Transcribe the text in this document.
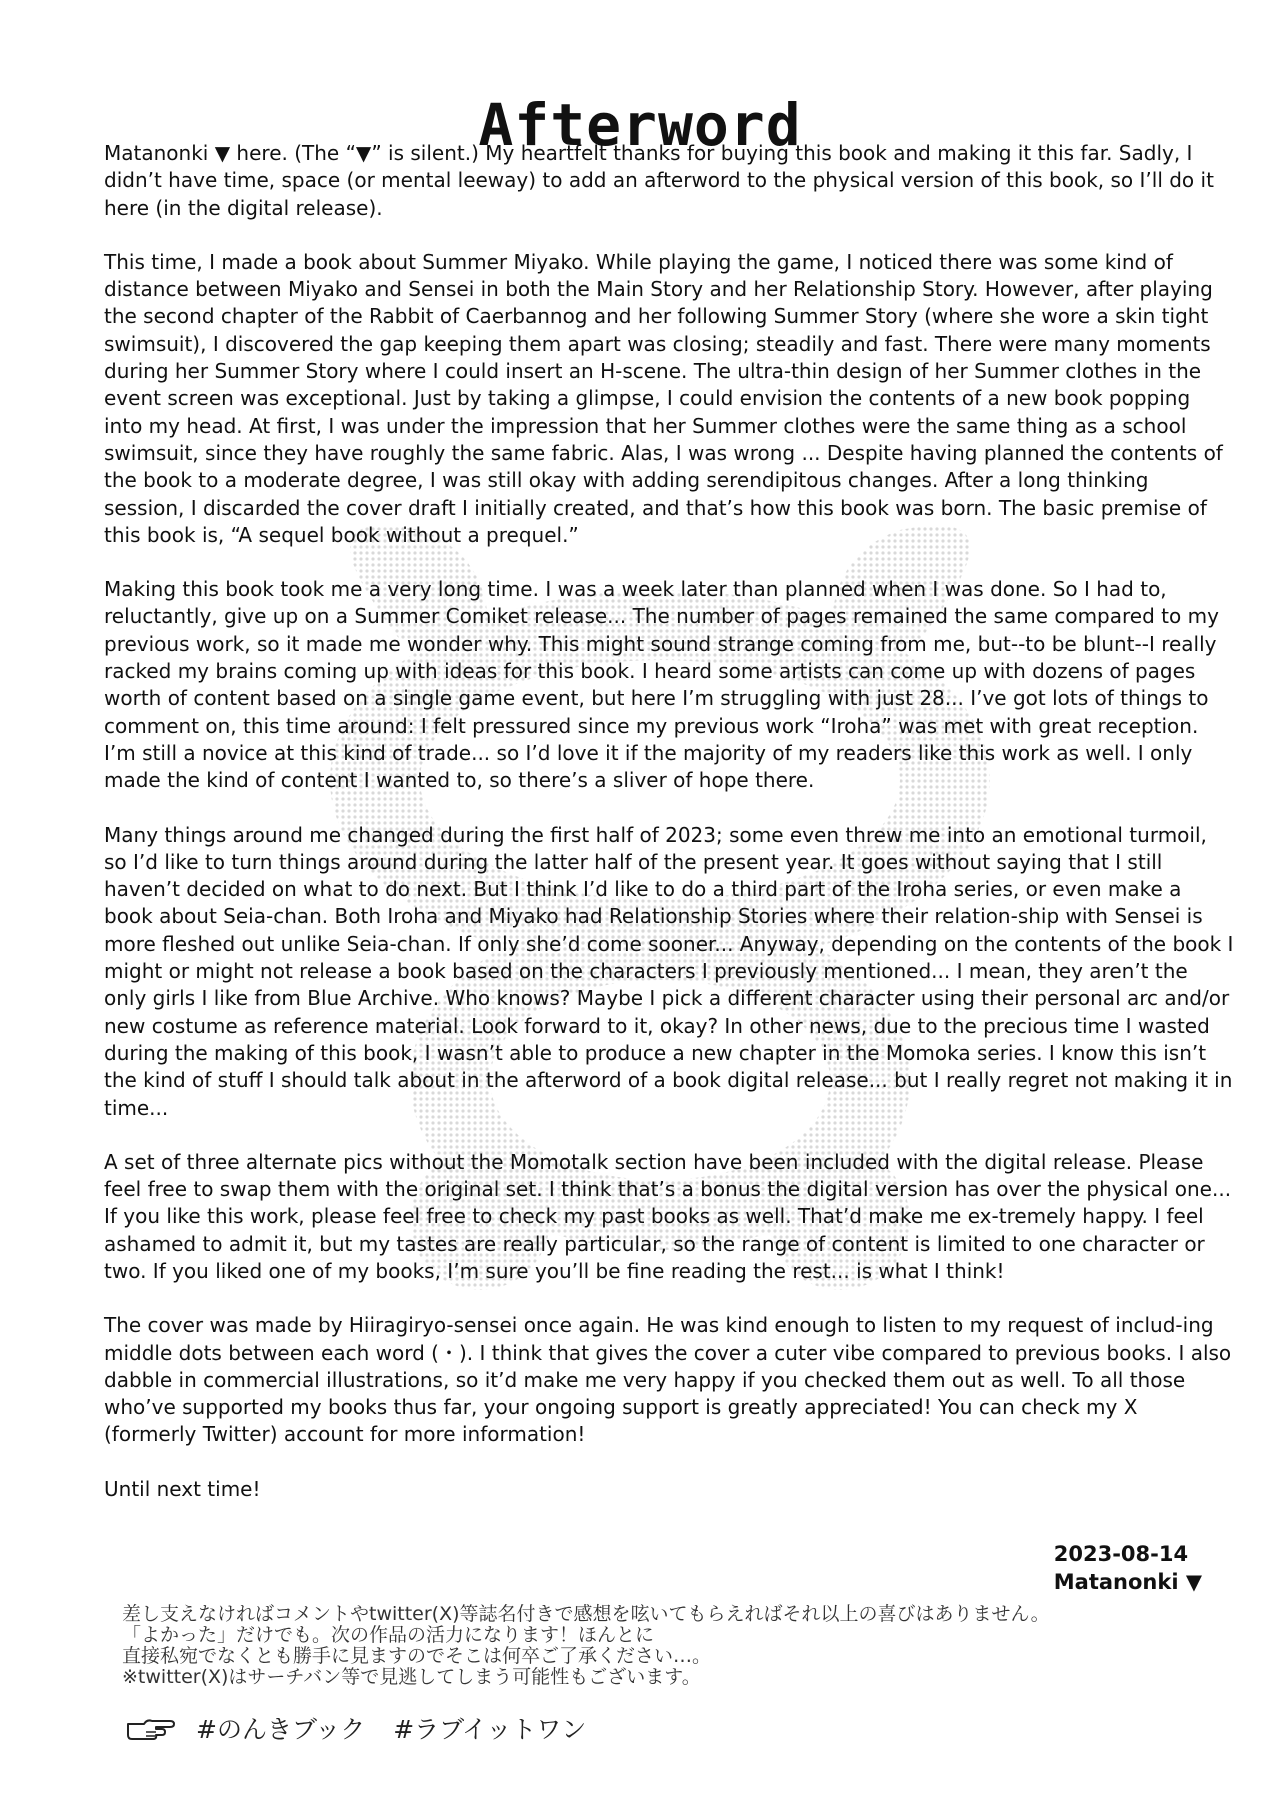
Afterword

Matanonki ▼ here. (The “▼” is silent.) My heartfelt thanks for buying this book and making it this far. Sadly, I didn’t have time, space (or mental leeway) to add an afterword to the physical version of this book, so I’ll do it here (in the digital release).

This time, I made a book about Summer Miyako. While playing the game, I noticed there was some kind of distance between Miyako and Sensei in both the Main Story and her Relationship Story. However, after playing the second chapter of the Rabbit of Caerbannog and her following Summer Story (where she wore a skin tight swimsuit), I discovered the gap keeping them apart was closing; steadily and fast. There were many moments during her Summer Story where I could insert an H-scene. The ultra-thin design of her Summer clothes in the event screen was exceptional. Just by taking a glimpse, I could envision the contents of a new book popping into my head. At first, I was under the impression that her Summer clothes were the same thing as a school swimsuit, since they have roughly the same fabric. Alas, I was wrong ... Despite having planned the contents of the book to a moderate degree, I was still okay with adding serendipitous changes. After a long thinking session, I discarded the cover draft I initially created, and that’s how this book was born. The basic premise of this book is, “A sequel book without a prequel.”

Making this book took me a very long time. I was a week later than planned when I was done. So I had to, reluctantly, give up on a Summer Comiket release... The number of pages remained the same compared to my previous work, so it made me wonder why. This might sound strange coming from me, but--to be blunt--I really racked my brains coming up with ideas for this book. I heard some artists can come up with dozens of pages worth of content based on a single game event, but here I’m struggling with just 28... I’ve got lots of things to comment on, this time around: I felt pressured since my previous work “Iroha” was met with great reception. I’m still a novice at this kind of trade... so I’d love it if the majority of my readers like this work as well. I only made the kind of content I wanted to, so there’s a sliver of hope there.

Many things around me changed during the first half of 2023; some even threw me into an emotional turmoil, so I’d like to turn things around during the latter half of the present year. It goes without saying that I still haven’t decided on what to do next. But I think I’d like to do a third part of the Iroha series, or even make a book about Seia-chan. Both Iroha and Miyako had Relationship Stories where their relation-ship with Sensei is more fleshed out unlike Seia-chan. If only she’d come sooner... Anyway, depending on the contents of the book I might or might not release a book based on the characters I previously mentioned... I mean, they aren’t the only girls I like from Blue Archive. Who knows? Maybe I pick a different character using their personal arc and/or new costume as reference material. Look forward to it, okay? In other news, due to the precious time I wasted during the making of this book, I wasn’t able to produce a new chapter in the Momoka series. I know this isn’t the kind of stuff I should talk about in the afterword of a book digital release... but I really regret not making it in time...

A set of three alternate pics without the Momotalk section have been included with the digital release. Please feel free to swap them with the original set. I think that’s a bonus the digital version has over the physical one... If you like this work, please feel free to check my past books as well. That’d make me ex-tremely happy. I feel ashamed to admit it, but my tastes are really particular, so the range of content is limited to one character or two. If you liked one of my books, I’m sure you’ll be fine reading the rest... is what I think!

The cover was made by Hiiragiryo-sensei once again. He was kind enough to listen to my request of includ-ing middle dots between each word (・). I think that gives the cover a cuter vibe compared to previous books. I also dabble in commercial illustrations, so it’d make me very happy if you checked them out as well. To all those who’ve supported my books thus far, your ongoing support is greatly appreciated! You can check my X (formerly Twitter) account for more information!

Until next time!

2023-08-14
Matanonki ▼
差し支えなければコメントやtwitter(X)等誌名付きで感想を呟いてもらえればそれ以上の喜びはありません。
「よかった」だけでも。次の作品の活力になります！ほんとに
直接私宛でなくとも勝手に見ますのでそこは何卒ご了承ください…。
※twitter(X)はサーチバン等で見逃してしまう可能性もございます。
#のんきブック #ラブイットワン
